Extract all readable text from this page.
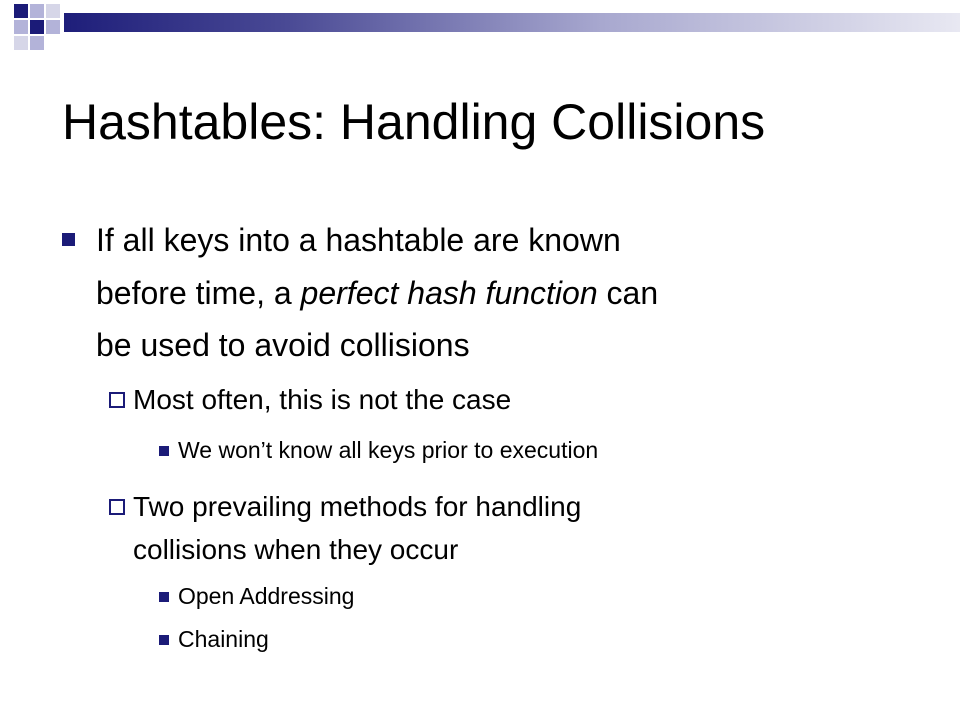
Hashtables: Handling Collisions
If all keys into a hashtable are known
before time, a perfect hash function can
be used to avoid collisions
Most often, this is not the case
We won’t know all keys prior to execution
Two prevailing methods for handling
collisions when they occur
Open Addressing
Chaining
